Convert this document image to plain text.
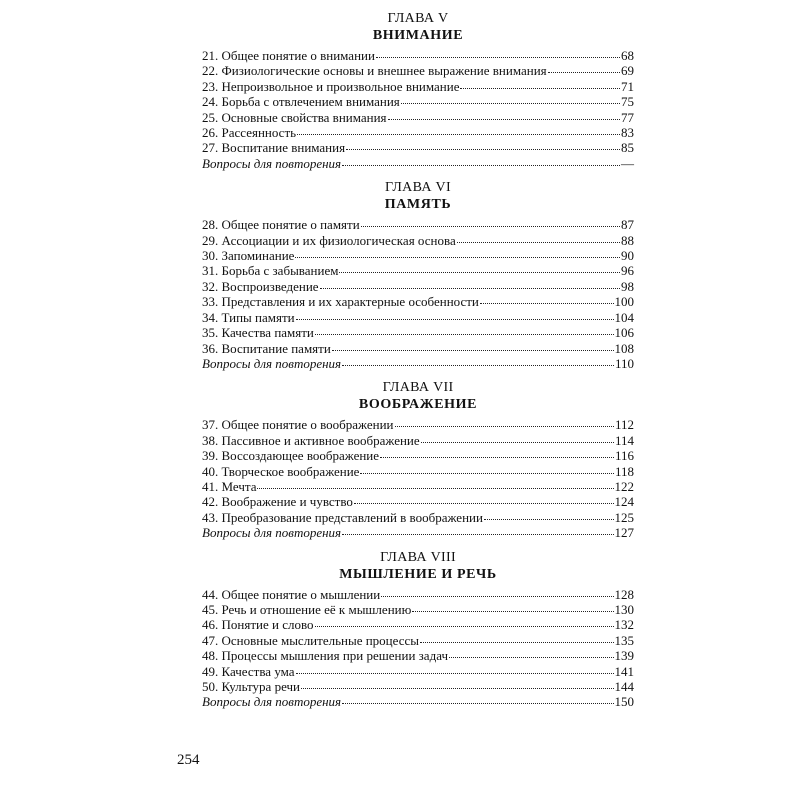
ГЛАВА V
ВНИМАНИЕ
21. Общее понятие о внимании	68
22. Физиологические основы и внешнее выражение внимания	69
23. Непроизвольное и произвольное внимание	71
24. Борьба с отвлечением внимания	75
25. Основные свойства внимания	77
26. Рассеянность	83
27. Воспитание внимания	85
Вопросы для повторения	—
ГЛАВА VI
ПАМЯТЬ
28. Общее понятие о памяти	87
29. Ассоциации и их физиологическая основа	88
30. Запоминание	90
31. Борьба с забыванием	96
32. Воспроизведение	98
33. Представления и их характерные особенности	100
34. Типы памяти	104
35. Качества памяти	106
36. Воспитание памяти	108
Вопросы для повторения	110
ГЛАВА VII
ВООБРАЖЕНИЕ
37. Общее понятие о воображении	112
38. Пассивное и активное воображение	114
39. Воссоздающее воображение	116
40. Творческое воображение	118
41. Мечта	122
42. Воображение и чувство	124
43. Преобразование представлений в воображении	125
Вопросы для повторения	127
ГЛАВА VIII
МЫШЛЕНИЕ И РЕЧЬ
44. Общее понятие о мышлении	128
45. Речь и отношение её к мышлению	130
46. Понятие и слово	132
47. Основные мыслительные процессы	135
48. Процессы мышления при решении задач	139
49. Качества ума	141
50. Культура речи	144
Вопросы для повторения	150
254
